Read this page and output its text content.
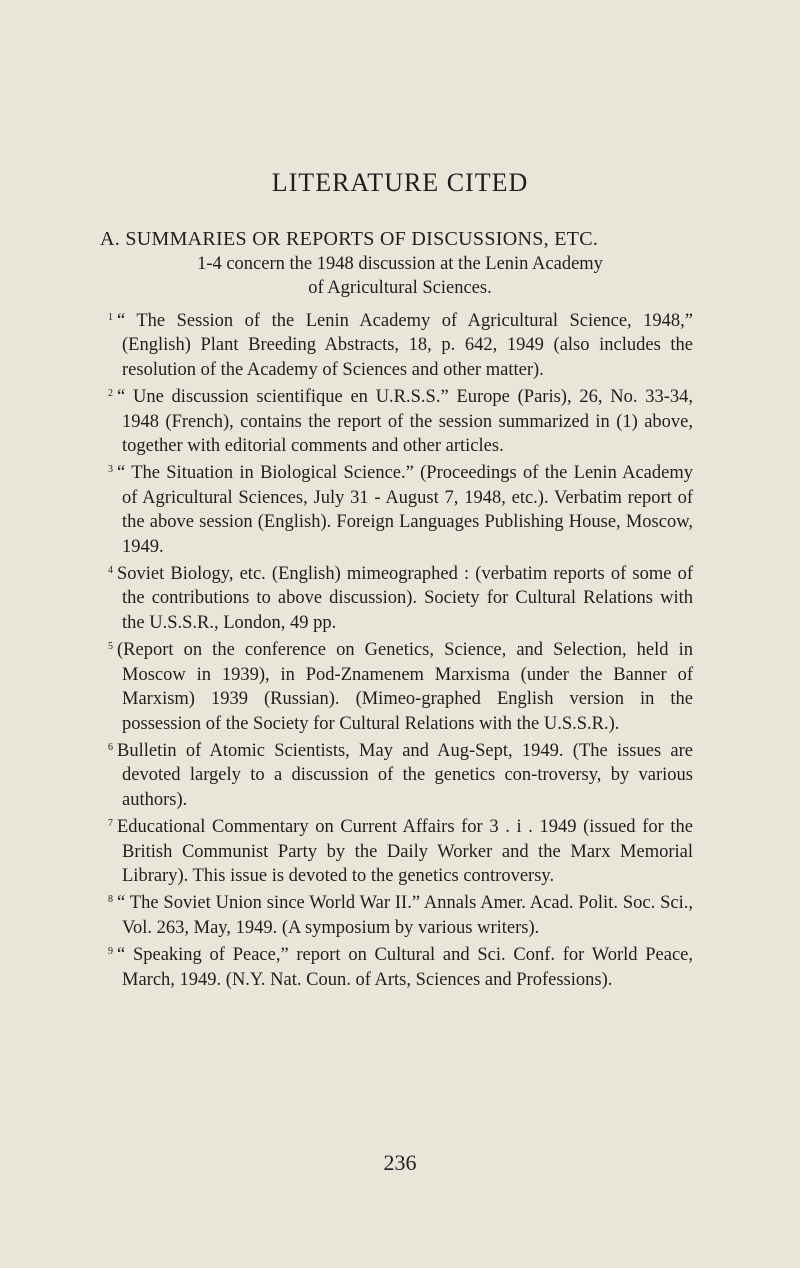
LITERATURE CITED
A. SUMMARIES OR REPORTS OF DISCUSSIONS, ETC.
1-4 concern the 1948 discussion at the Lenin Academy
of Agricultural Sciences.
1 “ The Session of the Lenin Academy of Agricultural Science, 1948,” (English) Plant Breeding Abstracts, 18, p. 642, 1949 (also includes the resolution of the Academy of Sciences and other matter).
2 “ Une discussion scientifique en U.R.S.S.” Europe (Paris), 26, No. 33-34, 1948 (French), contains the report of the session summarized in (1) above, together with editorial comments and other articles.
3 “ The Situation in Biological Science.” (Proceedings of the Lenin Academy of Agricultural Sciences, July 31 - August 7, 1948, etc.). Verbatim report of the above session (English). Foreign Languages Publishing House, Moscow, 1949.
4 Soviet Biology, etc. (English) mimeographed : (verbatim reports of some of the contributions to above discussion). Society for Cultural Relations with the U.S.S.R., London, 49 pp.
5 (Report on the conference on Genetics, Science, and Selection, held in Moscow in 1939), in Pod-Znamenem Marxisma (under the Banner of Marxism) 1939 (Russian). (Mimeo-graphed English version in the possession of the Society for Cultural Relations with the U.S.S.R.).
6 Bulletin of Atomic Scientists, May and Aug-Sept, 1949. (The issues are devoted largely to a discussion of the genetics con-troversy, by various authors).
7 Educational Commentary on Current Affairs for 3 . i . 1949 (issued for the British Communist Party by the Daily Worker and the Marx Memorial Library). This issue is devoted to the genetics controversy.
8 “ The Soviet Union since World War II.” Annals Amer. Acad. Polit. Soc. Sci., Vol. 263, May, 1949. (A symposium by various writers).
9 “ Speaking of Peace,” report on Cultural and Sci. Conf. for World Peace, March, 1949. (N.Y. Nat. Coun. of Arts, Sciences and Professions).
236
